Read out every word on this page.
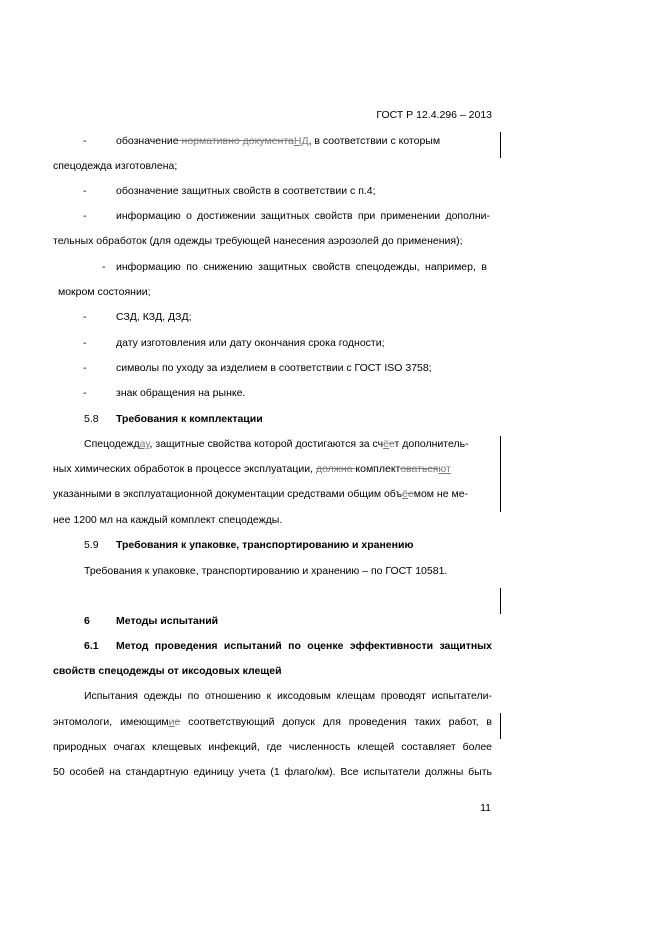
ГОСТ Р 12.4.296 – 2013
-	обозначение нормативно документаНД, в соответствии с которым
спецодежда изготовлена;
-	обозначение защитных свойств в соответствии с п.4;
-	информацию о достижении защитных свойств при применении дополни-
тельных обработок (для одежды требующей нанесения аэрозолей до применения);
- информацию по снижению защитных свойств спецодежды, например, в
мокром состоянии;
-	СЗД, КЗД, ДЗД;
-	дату изготовления или дату окончания срока годности;
-	символы по уходу за изделием в соответствии с ГОСТ ISO 3758;
-	знак обращения на рынке.
5.8 Требования к комплектации
Спецодеждау, защитные свойства которой достигаются за счёет дополнитель-
ных химических обработок в процессе эксплуатации, должна комплектоватьсяют
указанными в эксплуатационной документации средствами общим объёемом не ме-
нее 1200 мл на каждый комплект спецодежды.
5.9 Требования к упаковке, транспортированию и хранению
Требования к упаковке, транспортированию и хранению – по ГОСТ 10581.
6 Методы испытаний
6.1 Метод проведения испытаний по оценке эффективности защитных
свойств спецодежды от иксодовых клещей
Испытания одежды по отношению к иксодовым клещам проводят испытатели-
энтомологи, имеющимие соответствующий допуск для проведения таких работ, в
природных очагах клещевых инфекций, где численность клещей составляет более
50 особей на стандартную единицу учета (1 флаго/км). Все испытатели должны быть
11
